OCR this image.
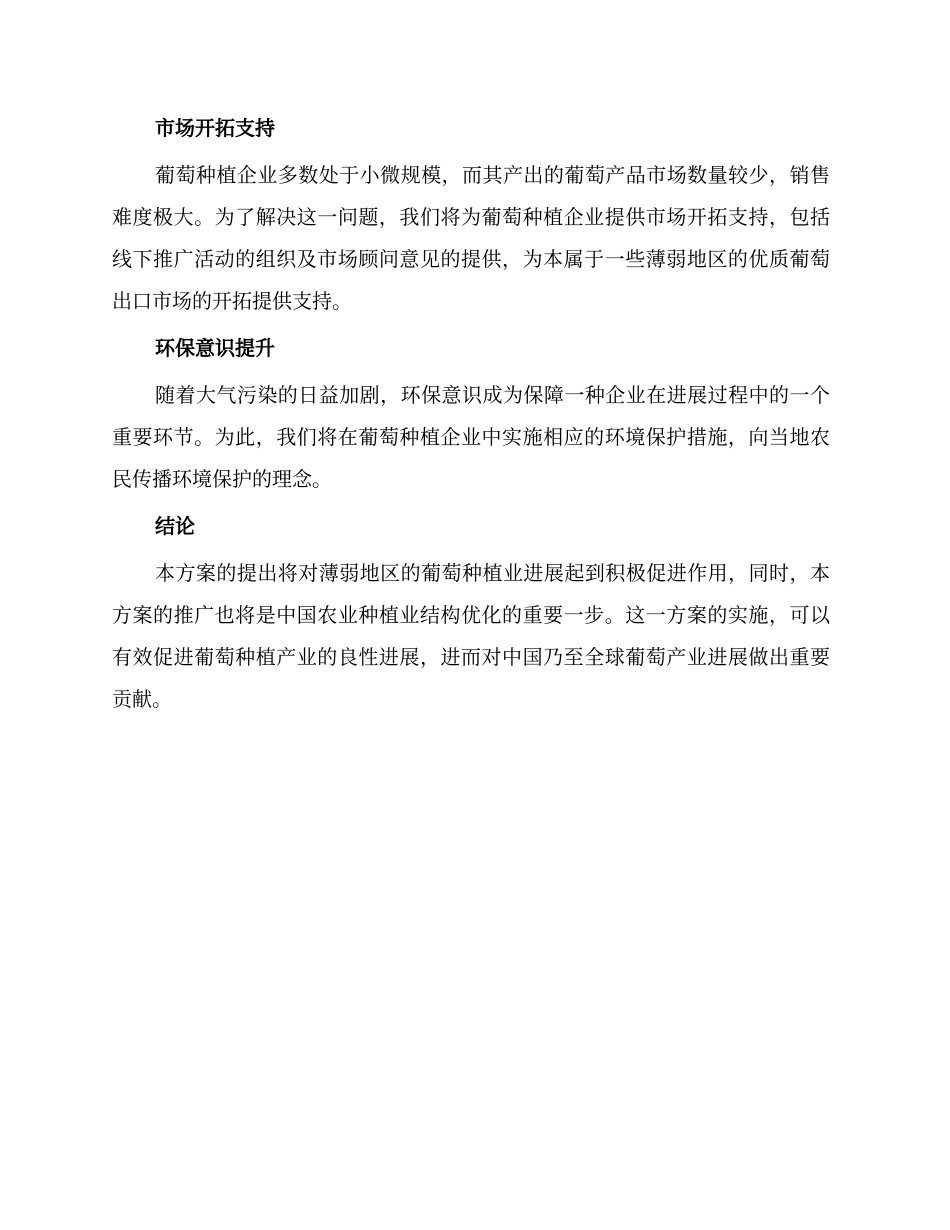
市场开拓支持
葡萄种植企业多数处于小微规模，而其产出的葡萄产品市场数量较少，销售难度极大。为了解决这一问题，我们将为葡萄种植企业提供市场开拓支持，包括线下推广活动的组织及市场顾问意见的提供，为本属于一些薄弱地区的优质葡萄出口市场的开拓提供支持。
环保意识提升
随着大气污染的日益加剧，环保意识成为保障一种企业在进展过程中的一个重要环节。为此，我们将在葡萄种植企业中实施相应的环境保护措施，向当地农民传播环境保护的理念。
结论
本方案的提出将对薄弱地区的葡萄种植业进展起到积极促进作用，同时，本方案的推广也将是中国农业种植业结构优化的重要一步。这一方案的实施，可以有效促进葡萄种植产业的良性进展，进而对中国乃至全球葡萄产业进展做出重要贡献。
